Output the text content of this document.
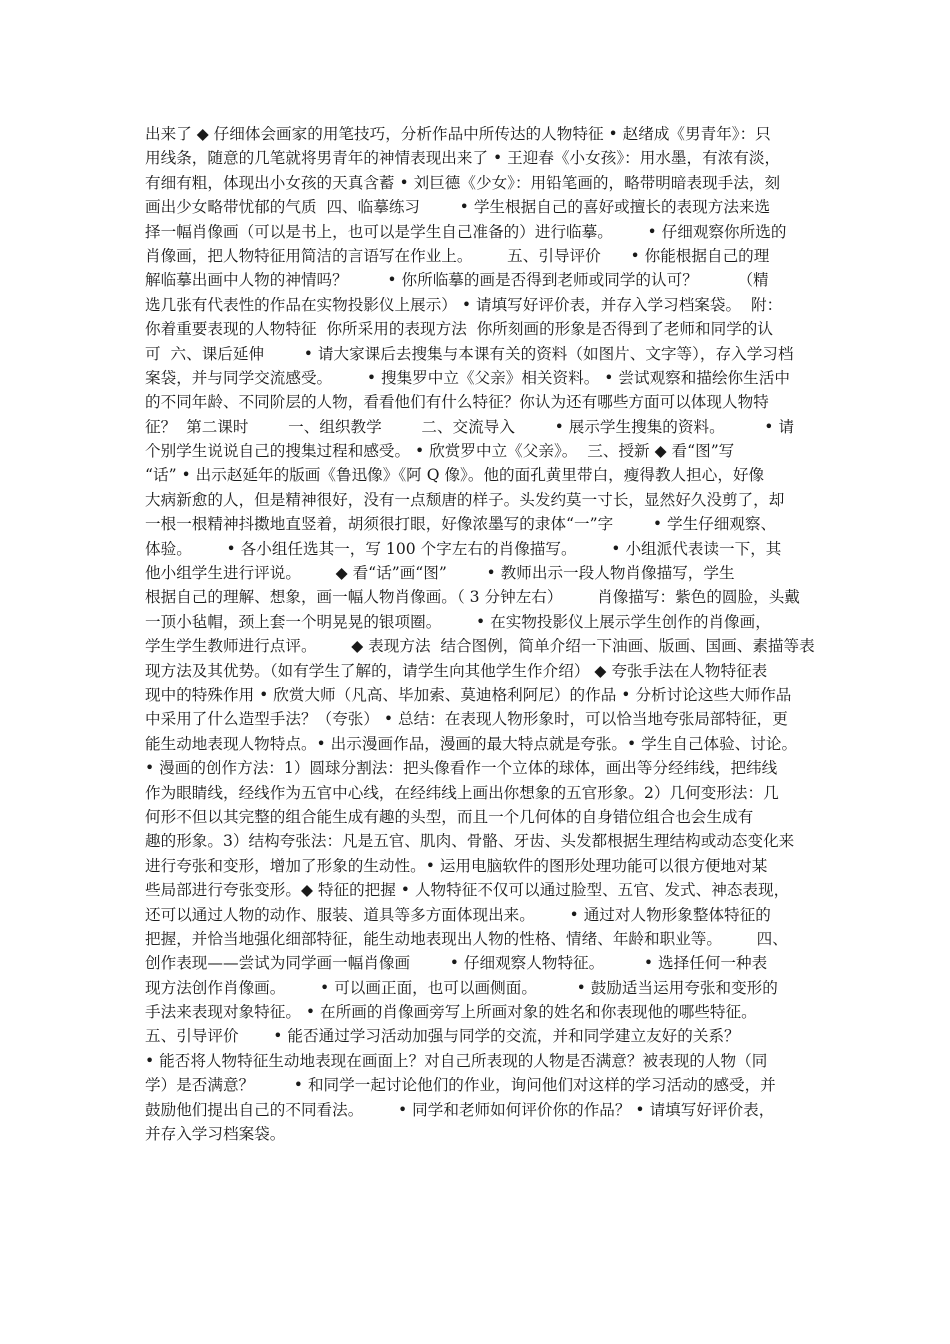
出来了 ◆ 仔细体会画家的用笔技巧，分析作品中所传达的人物特征 • 赵绪成《男青年》：只
用线条，随意的几笔就将男青年的神情表现出来了 • 王迎春《小女孩》：用水墨，有浓有淡，
有细有粗，体现出小女孩的天真含蓄 • 刘巨德《少女》：用铅笔画的，略带明暗表现手法，刻
画出少女略带忧郁的气质  四、临摹练习        • 学生根据自己的喜好或擅长的表现方法来选
择一幅肖像画（可以是书上，也可以是学生自己准备的）进行临摹。       • 仔细观察你所选的
肖像画，把人物特征用简洁的言语写在作业上。       五、引导评价      • 你能根据自己的理
解临摹出画中人物的神情吗？        • 你所临摹的画是否得到老师或同学的认可？        （精
选几张有代表性的作品在实物投影仪上展示） • 请填写好评价表，并存入学习档案袋。  附：
你着重要表现的人物特征  你所采用的表现方法  你所刻画的形象是否得到了老师和同学的认
可  六、课后延伸        • 请大家课后去搜集与本课有关的资料（如图片、文字等），存入学习档
案袋，并与同学交流感受。       • 搜集罗中立《父亲》相关资料。 • 尝试观察和描绘你生活中
的不同年龄、不同阶层的人物，看看他们有什么特征？你认为还有哪些方面可以体现人物特
征？  第二课时        一、组织教学        二、交流导入        • 展示学生搜集的资料。        • 请
个别学生说说自己的搜集过程和感受。 • 欣赏罗中立《父亲》。  三、授新 ◆ 看“图”写
“话” • 出示赵延年的版画《鲁迅像》《阿 Q 像》。他的面孔黄里带白，瘦得教人担心，好像
大病新愈的人，但是精神很好，没有一点颓唐的样子。头发约莫一寸长，显然好久没剪了，却
一根一根精神抖擞地直竖着，胡须很打眼，好像浓墨写的隶体“一”字        • 学生仔细观察、
体验。       • 各小组任选其一，写 100 个字左右的肖像描写。       • 小组派代表读一下，其
他小组学生进行评说。       ◆ 看“话”画“图”        • 教师出示一段人物肖像描写，学生
根据自己的理解、想象，画一幅人物肖像画。（ 3 分钟左右）       肖像描写：紫色的圆脸，头戴
一顶小毡帽，颈上套一个明晃晃的银项圈。       • 在实物投影仪上展示学生创作的肖像画，
学生学生教师进行点评。       ◆ 表现方法  结合图例，简单介绍一下油画、版画、国画、素描等表
现方法及其优势。（如有学生了解的，请学生向其他学生作介绍） ◆ 夸张手法在人物特征表
现中的特殊作用 • 欣赏大师（凡高、毕加索、莫迪格利阿尼）的作品 • 分析讨论这些大师作品
中采用了什么造型手法？（夸张） • 总结：在表现人物形象时，可以恰当地夸张局部特征，更
能生动地表现人物特点。• 出示漫画作品，漫画的最大特点就是夸张。• 学生自己体验、讨论。
• 漫画的创作方法：1）圆球分割法：把头像看作一个立体的球体，画出等分经纬线，把纬线
作为眼睛线，经线作为五官中心线，在经纬线上画出你想象的五官形象。2）几何变形法：几
何形不但以其完整的组合能生成有趣的头型，而且一个几何体的自身错位组合也会生成有
趣的形象。3）结构夸张法：凡是五官、肌肉、骨骼、牙齿、头发都根据生理结构或动态变化来
进行夸张和变形，增加了形象的生动性。• 运用电脑软件的图形处理功能可以很方便地对某
些局部进行夸张变形。◆ 特征的把握 • 人物特征不仅可以通过脸型、五官、发式、神态表现，
还可以通过人物的动作、服装、道具等多方面体现出来。       • 通过对人物形象整体特征的
把握，并恰当地强化细部特征，能生动地表现出人物的性格、情绪、年龄和职业等。       四、
创作表现——尝试为同学画一幅肖像画        • 仔细观察人物特征。        • 选择任何一种表
现方法创作肖像画。       • 可以画正面，也可以画侧面。        • 鼓励适当运用夸张和变形的
手法来表现对象特征。 • 在所画的肖像画旁写上所画对象的姓名和你表现他的哪些特征。
五、引导评价       • 能否通过学习活动加强与同学的交流，并和同学建立友好的关系？
• 能否将人物特征生动地表现在画面上？对自己所表现的人物是否满意？被表现的人物（同
学）是否满意？        • 和同学一起讨论他们的作业，询问他们对这样的学习活动的感受，并
鼓励他们提出自己的不同看法。       • 同学和老师如何评价你的作品？ • 请填写好评价表，
并存入学习档案袋。
